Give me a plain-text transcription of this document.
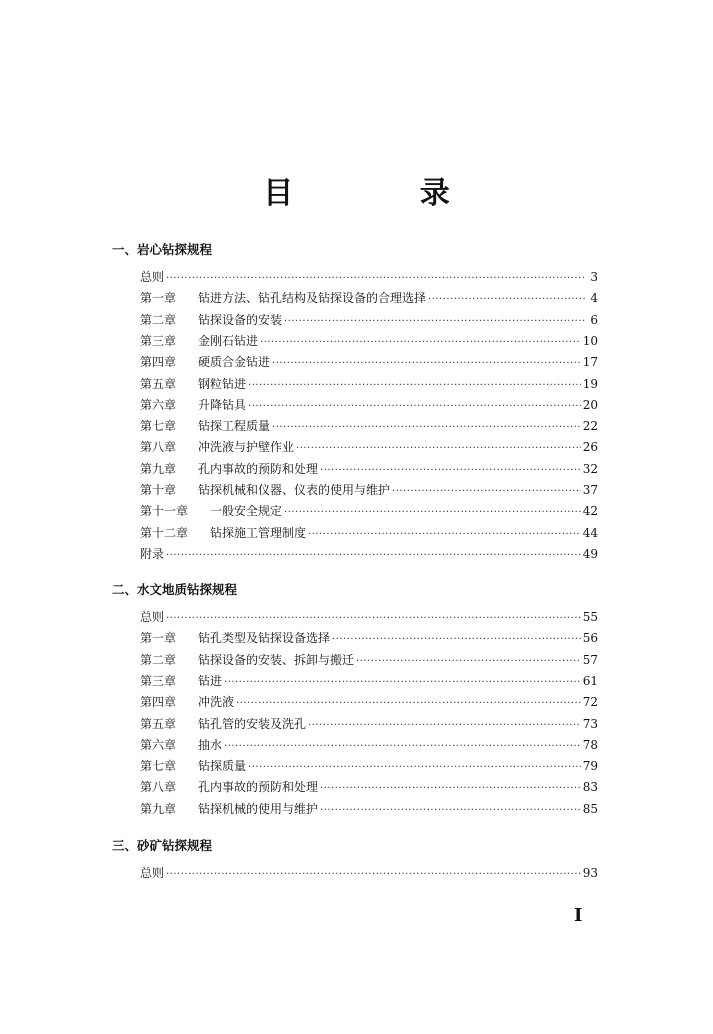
目 录
一、岩心钻探规程
总则 ·····	3
第一章	钻进方法、钻孔结构及钻探设备的合理选择 ·····	4
第二章	钻探设备的安装 ·····	6
第三章	金刚石钻进 ·····	10
第四章	硬质合金钻进 ·····	17
第五章	钢粒钻进 ·····	19
第六章	升降钻具 ·····	20
第七章	钻探工程质量 ·····	22
第八章	冲洗液与护壁作业 ·····	26
第九章	孔内事故的预防和处理 ·····	32
第十章	钻探机械和仪器、仪表的使用与维护 ·····	37
第十一章	一般安全规定 ·····	42
第十二章	钻探施工管理制度 ·····	44
附录 ·····	49
二、水文地质钻探规程
总则 ·····	55
第一章	钻孔类型及钻探设备选择 ·····	56
第二章	钻探设备的安装、拆卸与搬迁 ·····	57
第三章	钻进 ·····	61
第四章	冲洗液 ·····	72
第五章	钻孔管的安装及洗孔 ·····	73
第六章	抽水 ·····	78
第七章	钻探质量 ·····	79
第八章	孔内事故的预防和处理 ·····	83
第九章	钻探机械的使用与维护 ·····	85
三、砂矿钻探规程
总则 ·····	93
I
